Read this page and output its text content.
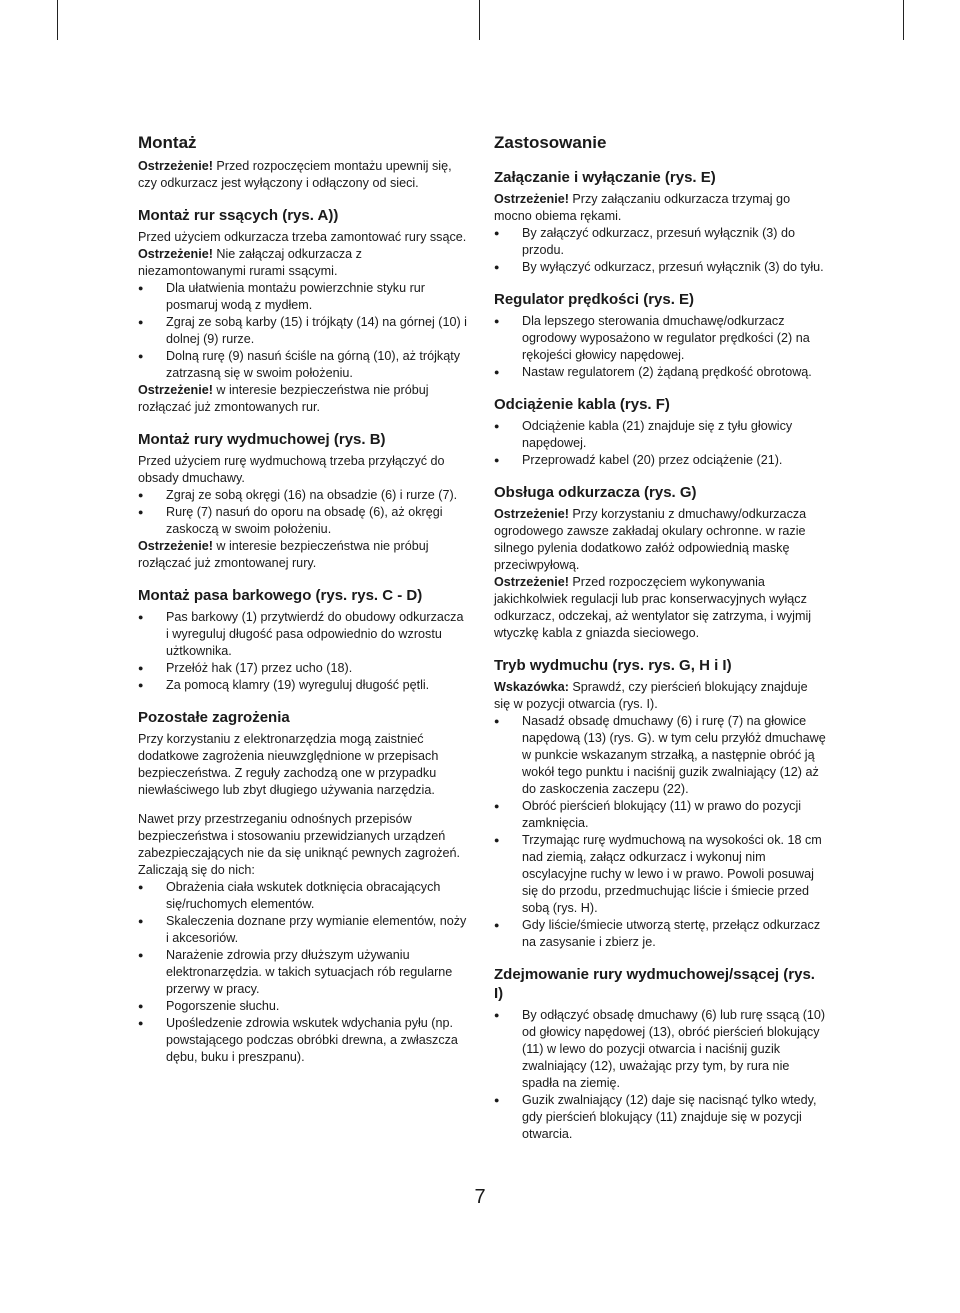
Montaż

Ostrzeżenie! Przed rozpoczęciem montażu upewnij się, czy odkurzacz jest wyłączony i odłączony od sieci.

Montaż rur ssących (rys. A))

Przed użyciem odkurzacza trzeba zamontować rury ssące.

Ostrzeżenie! Nie załączaj odkurzacza z niezamontowanymi rurami ssącymi.

● Dla ułatwienia montażu powierzchnie styku rur posmaruj wodą z mydłem.
● Zgraj ze sobą karby (15) i trójkąty (14) na górnej (10) i dolnej (9) rurze.
● Dolną rurę (9) nasuń ściśle na górną (10), aż trójkąty zatrzasną się w swoim położeniu.

Ostrzeżenie! w interesie bezpieczeństwa nie próbuj rozłączać już zmontowanych rur.

Montaż rury wydmuchowej (rys. B)

Przed użyciem rurę wydmuchową trzeba przyłączyć do obsady dmuchawy.

● Zgraj ze sobą okręgi (16) na obsadzie (6) i rurze (7).
● Rurę (7) nasuń do oporu na obsadę (6), aż okręgi zaskoczą w swoim położeniu.

Ostrzeżenie! w interesie bezpieczeństwa nie próbuj rozłączać już zmontowanej rury.

Montaż pasa barkowego (rys. rys. C - D)
● Pas barkowy (1) przytwierdź do obudowy odkurzacza i wyreguluj długość pasa odpowiednio do wzrostu użtkownika.
● Przełóż hak (17) przez ucho (18).
● Za pomocą klamry (19) wyreguluj długość pętli.
Pozostałe zagrożenia

Przy korzystaniu z elektronarzędzia mogą zaistnieć dodatkowe zagrożenia nieuwzględnione w przepisach bezpieczeństwa. Z reguły zachodzą one w przypadku niewłaściwego lub zbyt długiego używania narzędzia.

Nawet przy przestrzeganiu odnośnych przepisów bezpieczeństwa i stosowaniu przewidzianych urządzeń zabezpieczających nie da się uniknąć pewnych zagrożeń. Zaliczają się do nich:

● Obrażenia ciała wskutek dotknięcia obracających się/ruchomych elementów.
● Skaleczenia doznane przy wymianie elementów, noży i akcesoriów.
● Narażenie zdrowia przy dłuższym używaniu elektronarzędzia. w takich sytuacjach rób regularne przerwy w pracy.
● Pogorszenie słuchu.
● Upośledzenie zdrowia wskutek wdychania pyłu (np. powstającego podczas obróbki drewna, a zwłaszcza dębu, buku i preszpanu).
Zastosowanie
Załączanie i wyłączanie (rys. E)

Ostrzeżenie! Przy załączaniu odkurzacza trzymaj go mocno obiema rękami.

● By załączyć odkurzacz, przesuń wyłącznik (3) do przodu.
● By wyłączyć odkurzacz, przesuń wyłącznik (3) do tyłu.
Regulator prędkości (rys. E)
● Dla lepszego sterowania dmuchawę/odkurzacz ogrodowy wyposażono w regulator prędkości (2) na rękojeści głowicy napędowej.
● Nastaw regulatorem (2) żądaną prędkość obrotową.
Odciążenie kabla (rys. F)
● Odciążenie kabla (21) znajduje się z tyłu głowicy napędowej.
● Przeprowadź kabel (20) przez odciążenie (21).
Obsługa odkurzacza (rys. G)

Ostrzeżenie! Przy korzystaniu z dmuchawy/odkurzacza ogrodowego zawsze zakładaj okulary ochronne. w razie silnego pylenia dodatkowo załóż odpowiednią maskę przeciwpyłową.

Ostrzeżenie! Przed rozpoczęciem wykonywania jakichkolwiek regulacji lub prac konserwacyjnych wyłącz odkurzacz, odczekaj, aż wentylator się zatrzyma, i wyjmij wtyczkę kabla z gniazda sieciowego.

Tryb wydmuchu (rys. rys. G, H i I)

Wskazówka: Sprawdź, czy pierścień blokujący znajduje się w pozycji otwarcia (rys. I).

● Nasadź obsadę dmuchawy (6) i rurę (7) na głowice napędową (13) (rys. G). w tym celu przyłóż dmuchawę w punkcie wskazanym strzałką, a następnie obróć ją wokół tego punktu i naciśnij guzik zwalniający (12) aż do zaskoczenia zaczepu (22).
● Obróć pierścień blokujący (11) w prawo do pozycji zamknięcia.
● Trzymając rurę wydmuchową na wysokości ok. 18 cm nad ziemią, załącz odkurzacz i wykonuj nim oscylacyjne ruchy w lewo i w prawo. Powoli posuwaj się do przodu, przedmuchując liście i śmiecie przed sobą (rys. H).
● Gdy liście/śmiecie utworzą stertę, przełącz odkurzacz na zasysanie i zbierz je.
Zdejmowanie rury wydmuchowej/ssącej (rys. I)
● By odłączyć obsadę dmuchawy (6) lub rurę ssącą (10) od głowicy napędowej (13), obróć pierścień blokujący (11) w lewo do pozycji otwarcia i naciśnij guzik zwalniający (12), uważając przy tym, by rura nie spadła na ziemię.
● Guzik zwalniający (12) daje się nacisnąć tylko wtedy, gdy pierścień blokujący (11) znajduje się w pozycji otwarcia.
7
